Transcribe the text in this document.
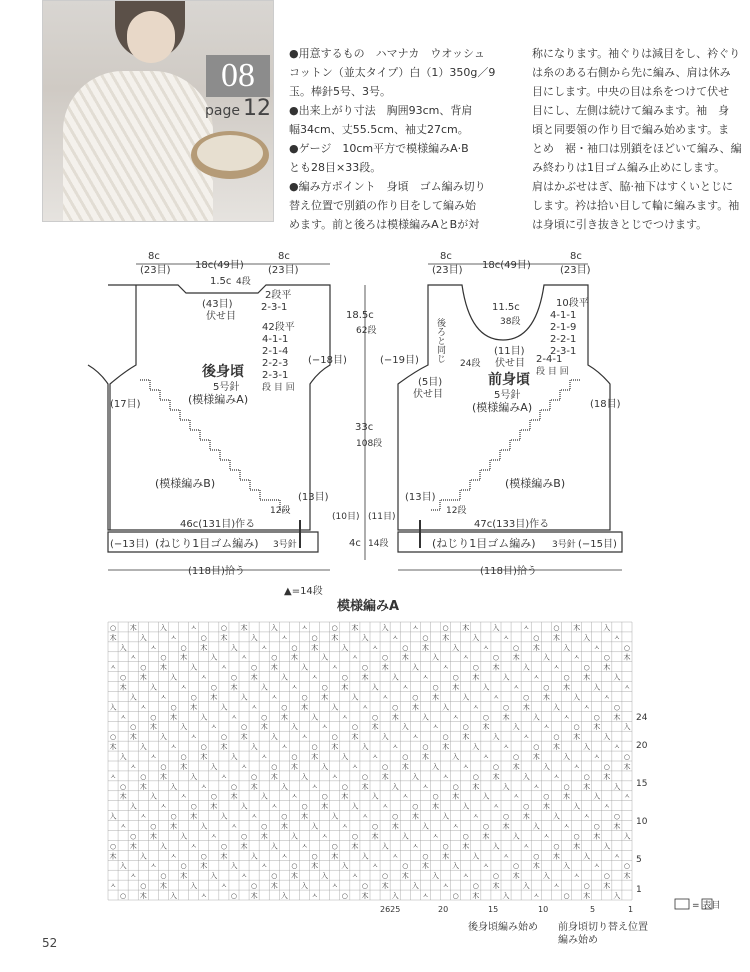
08
page 12

●用意するもの　ハマナカ　ウオッシュ

コットン（並太タイプ）白（1）350g／9

玉。棒針5号、3号。

●出来上がり寸法　胸囲93cm、背肩

幅34cm、丈55.5cm、袖丈27cm。

●ゲージ　10cm平方で模様編みA·B

とも28目×33段。

●編み方ポイント　身頃　ゴム編み切り

替え位置で別鎖の作り目をして編み始

めます。前と後ろは模様編みAとBが対

称になります。袖ぐりは減目をし、衿ぐり

は糸のある右側から先に編み、肩は休み

目にします。中央の目は糸をつけて伏せ

目にし、左側は続けて編みます。袖　身

頃と同要領の作り目で編み始めます。ま

とめ　裾・袖口は別鎖をほどいて編み、編

み終わりは1目ゴム編み止めにします。

肩はかぶせはぎ、脇·袖下はすくいとじに

します。衿は拾い目して輪に編みます。袖

は身頃に引き抜きとじでつけます。

8c
(23目) 18c(49目)
8c
(23目)
1.5c 4段
2段平
2-3-1
(43目)
伏せ目
42段平
4-1-1
2-1-4
2-2-3
2-3-1
段 目 回
(−18目)
後身頃
5号針
(模様編みA)
(17目)
(模様編みB)
(13目)
12段
(10目)
46c(131目)作る
(ねじり1目ゴム編み) 3号針
(−13目)
(118目)拾う
18.5c
62段
33c
108段
4c 14段
▲=14段
8c
(23目) 18c(49目)
8c
(23目)
11.5c
38段
(11目)
伏せ目
10段平
4-1-1
2-1-9
2-2-1
2-3-1
2-4-1
段 目 回
後ろと同じ
24段
(−19目)
(5目)
伏せ目
前身頃
5号針
(模様編みA)	(18目)
(模様編みB)
(13目)
12段
(11目)
47c(133目)作る
(ねじり1目ゴム編み) 3号針 (−15目)
(118目)拾う
模様編みA
○ 木	入	ㅅ	○ 木	入	ㅅ	○ 木	入	ㅅ	○ 木	入	ㅅ	○ 木	入
木	入	ㅅ	○ 木	入	ㅅ	○ 木	入	ㅅ	○ 木	入	ㅅ	○ 木	入	ㅅ
入	ㅅ	○ 木	入	ㅅ	○ 木	入	ㅅ	○ 木	入	ㅅ	○ 木	入	ㅅ	○
ㅅ	○ 木	入	ㅅ	○ 木	入	ㅅ	○ 木	入	ㅅ	○ 木	入	ㅅ	○ 木
ㅅ	○ 木	入	ㅅ	○ 木	入	ㅅ	○ 木	入	ㅅ	○ 木	入	ㅅ	○ 木
○ 木	入	ㅅ	○ 木	入	ㅅ	○ 木	入	ㅅ	○ 木	入	ㅅ	○ 木	入
木	入	ㅅ	○ 木	入	ㅅ	○ 木	入	ㅅ	○ 木	入	ㅅ	○ 木	入	ㅅ
入	ㅅ	○ 木	入	ㅅ	○ 木	入	ㅅ	○ 木	入	ㅅ	○ 木	入	ㅅ
入	ㅅ	○ 木	入	ㅅ	○ 木	入	ㅅ	○ 木	入	ㅅ	○ 木	入	ㅅ	○
ㅅ	○ 木	入	ㅅ	○ 木	入	ㅅ	○ 木	入	ㅅ	○ 木	入	ㅅ	○ 木
○ 木	入	ㅅ	○ 木	入	ㅅ	○ 木	入	ㅅ	○ 木	入	ㅅ	○ 木	入
○ 木	入	ㅅ	○ 木	入	ㅅ	○ 木	入	ㅅ	○ 木	入	ㅅ	○ 木	入
木	入	ㅅ	○ 木	入	ㅅ	○ 木	入	ㅅ	○ 木	入	ㅅ	○ 木	入	ㅅ
入	ㅅ	○ 木	入	ㅅ	○ 木	入	ㅅ	○ 木	入	ㅅ	○ 木	入	ㅅ	○
ㅅ	○ 木	入	ㅅ	○ 木	入	ㅅ	○ 木	入	ㅅ	○ 木	入	ㅅ	○ 木
ㅅ	○ 木	入	ㅅ	○ 木	入	ㅅ	○ 木	入	ㅅ	○ 木	入	ㅅ	○ 木
○ 木	入	ㅅ	○ 木	入	ㅅ	○ 木	入	ㅅ	○ 木	入	ㅅ	○ 木	入
木	入	ㅅ	○ 木	入	ㅅ	○ 木	入	ㅅ	○ 木	入	ㅅ	○ 木	入	ㅅ
入	ㅅ	○ 木	入	ㅅ	○ 木	入	ㅅ	○ 木	入	ㅅ	○ 木	入	ㅅ
入	ㅅ	○ 木	入	ㅅ	○ 木	入	ㅅ	○ 木	入	ㅅ	○ 木	入	ㅅ	○
ㅅ	○ 木	入	ㅅ	○ 木	入	ㅅ	○ 木	入	ㅅ	○ 木	入	ㅅ	○ 木
○ 木	入	ㅅ	○ 木	入	ㅅ	○ 木	入	ㅅ	○ 木	入	ㅅ	○ 木	入
○ 木	入	ㅅ	○ 木	入	ㅅ	○ 木	入	ㅅ	○ 木	入	ㅅ	○ 木	入
木	入	ㅅ	○ 木	入	ㅅ	○ 木	入	ㅅ	○ 木	入	ㅅ	○ 木	入	ㅅ
入	ㅅ	○ 木	入	ㅅ	○ 木	入	ㅅ	○ 木	入	ㅅ	○ 木	入	ㅅ	○
ㅅ	○ 木	入	ㅅ	○ 木	入	ㅅ	○ 木	入	ㅅ	○ 木	入	ㅅ	○ 木
ㅅ	○ 木	入	ㅅ	○ 木	入	ㅅ	○ 木	入	ㅅ	○ 木	入	ㅅ	○ 木
○ 木	入	ㅅ	○ 木	入	ㅅ	○ 木	入	ㅅ	○ 木	入	ㅅ	○ 木	入
24
20
15
10
5
1
2625	20	15	10	5	1
後身頃編み始め 前身頃切り替え位置
編み始め
= 表目
52
